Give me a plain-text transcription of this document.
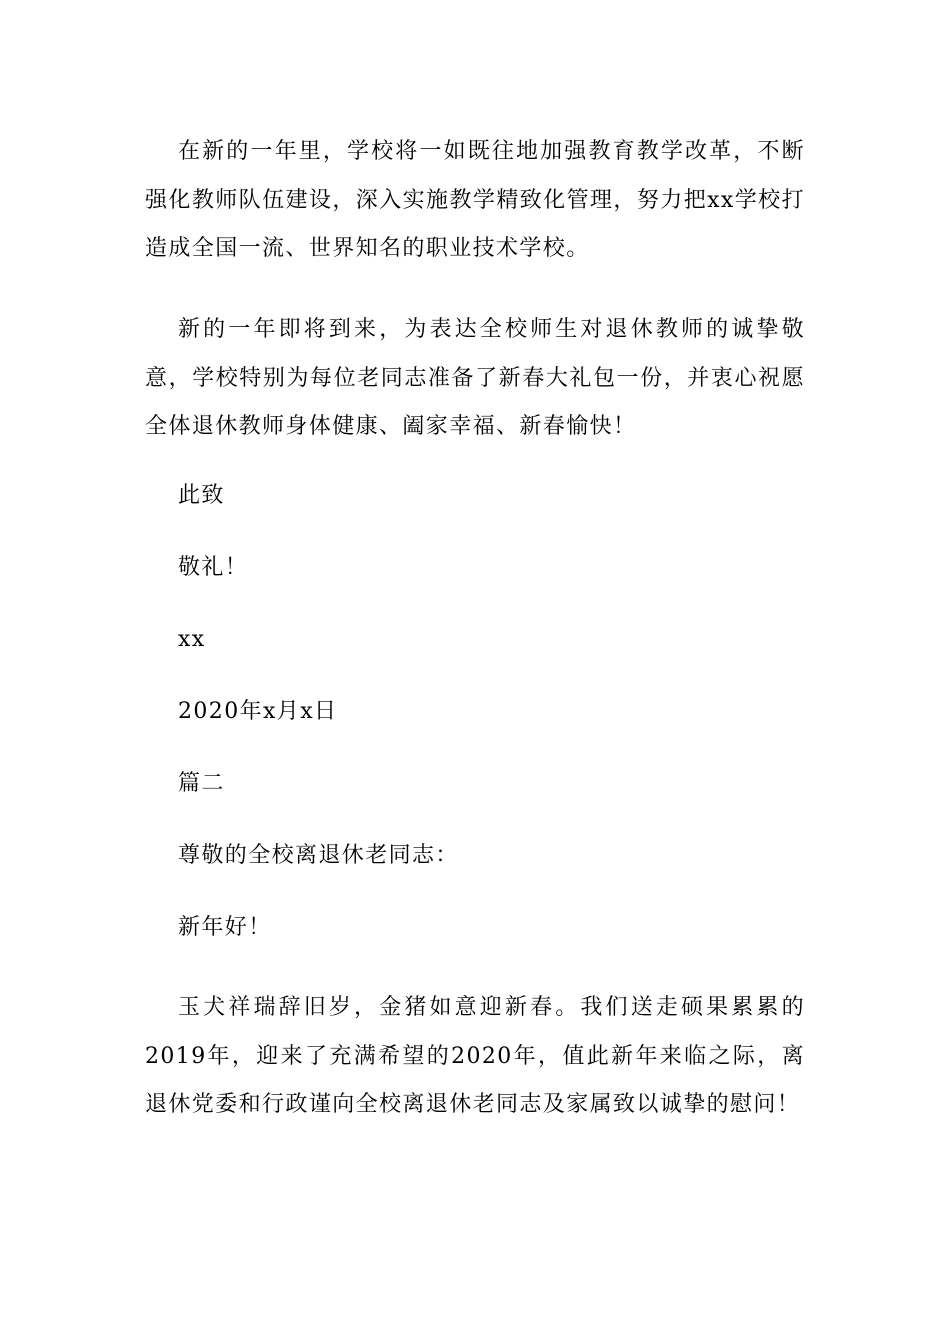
在新的一年里，学校将一如既往地加强教育教学改革，不断强化教师队伍建设，深入实施教学精致化管理，努力把xx学校打造成全国一流、世界知名的职业技术学校。

新的一年即将到来，为表达全校师生对退休教师的诚挚敬意，学校特别为每位老同志准备了新春大礼包一份，并衷心祝愿全体退休教师身体健康、阖家幸福、新春愉快！

此致

敬礼！

xx

2020年x月x日

篇二

尊敬的全校离退休老同志：

新年好！

玉犬祥瑞辞旧岁，金猪如意迎新春。我们送走硕果累累的2019年，迎来了充满希望的2020年，值此新年来临之际，离退休党委和行政谨向全校离退休老同志及家属致以诚挚的慰问！
